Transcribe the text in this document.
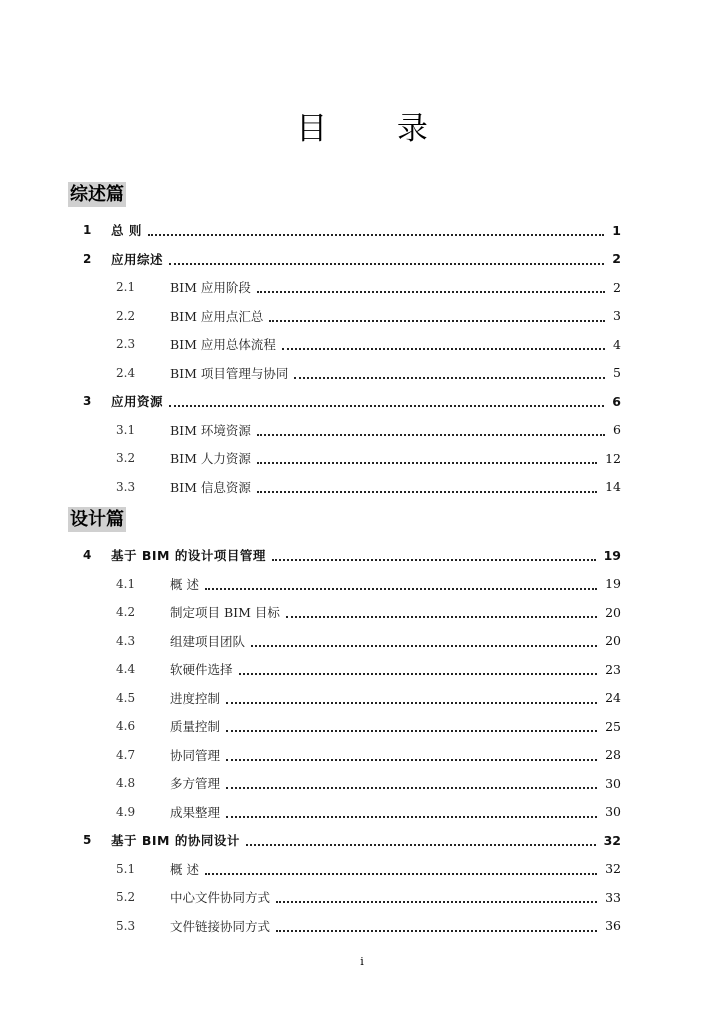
目 录
综述篇
1 总 则	1
2 应用综述	2
2.1	BIM 应用阶段	2
2.2	BIM 应用点汇总	3
2.3	BIM 应用总体流程	4
2.4	BIM 项目管理与协同	5
3 应用资源	6
3.1	BIM 环境资源	6
3.2	BIM 人力资源	12
3.3	BIM 信息资源	14
设计篇
4 基于 BIM 的设计项目管理	19
4.1	概 述	19
4.2	制定项目 BIM 目标	20
4.3	组建项目团队	20
4.4	软硬件选择	23
4.5	进度控制	24
4.6	质量控制	25
4.7	协同管理	28
4.8	多方管理	30
4.9	成果整理	30
5 基于 BIM 的协同设计	32
5.1	概 述	32
5.2	中心文件协同方式	33
5.3	文件链接协同方式	36
i
